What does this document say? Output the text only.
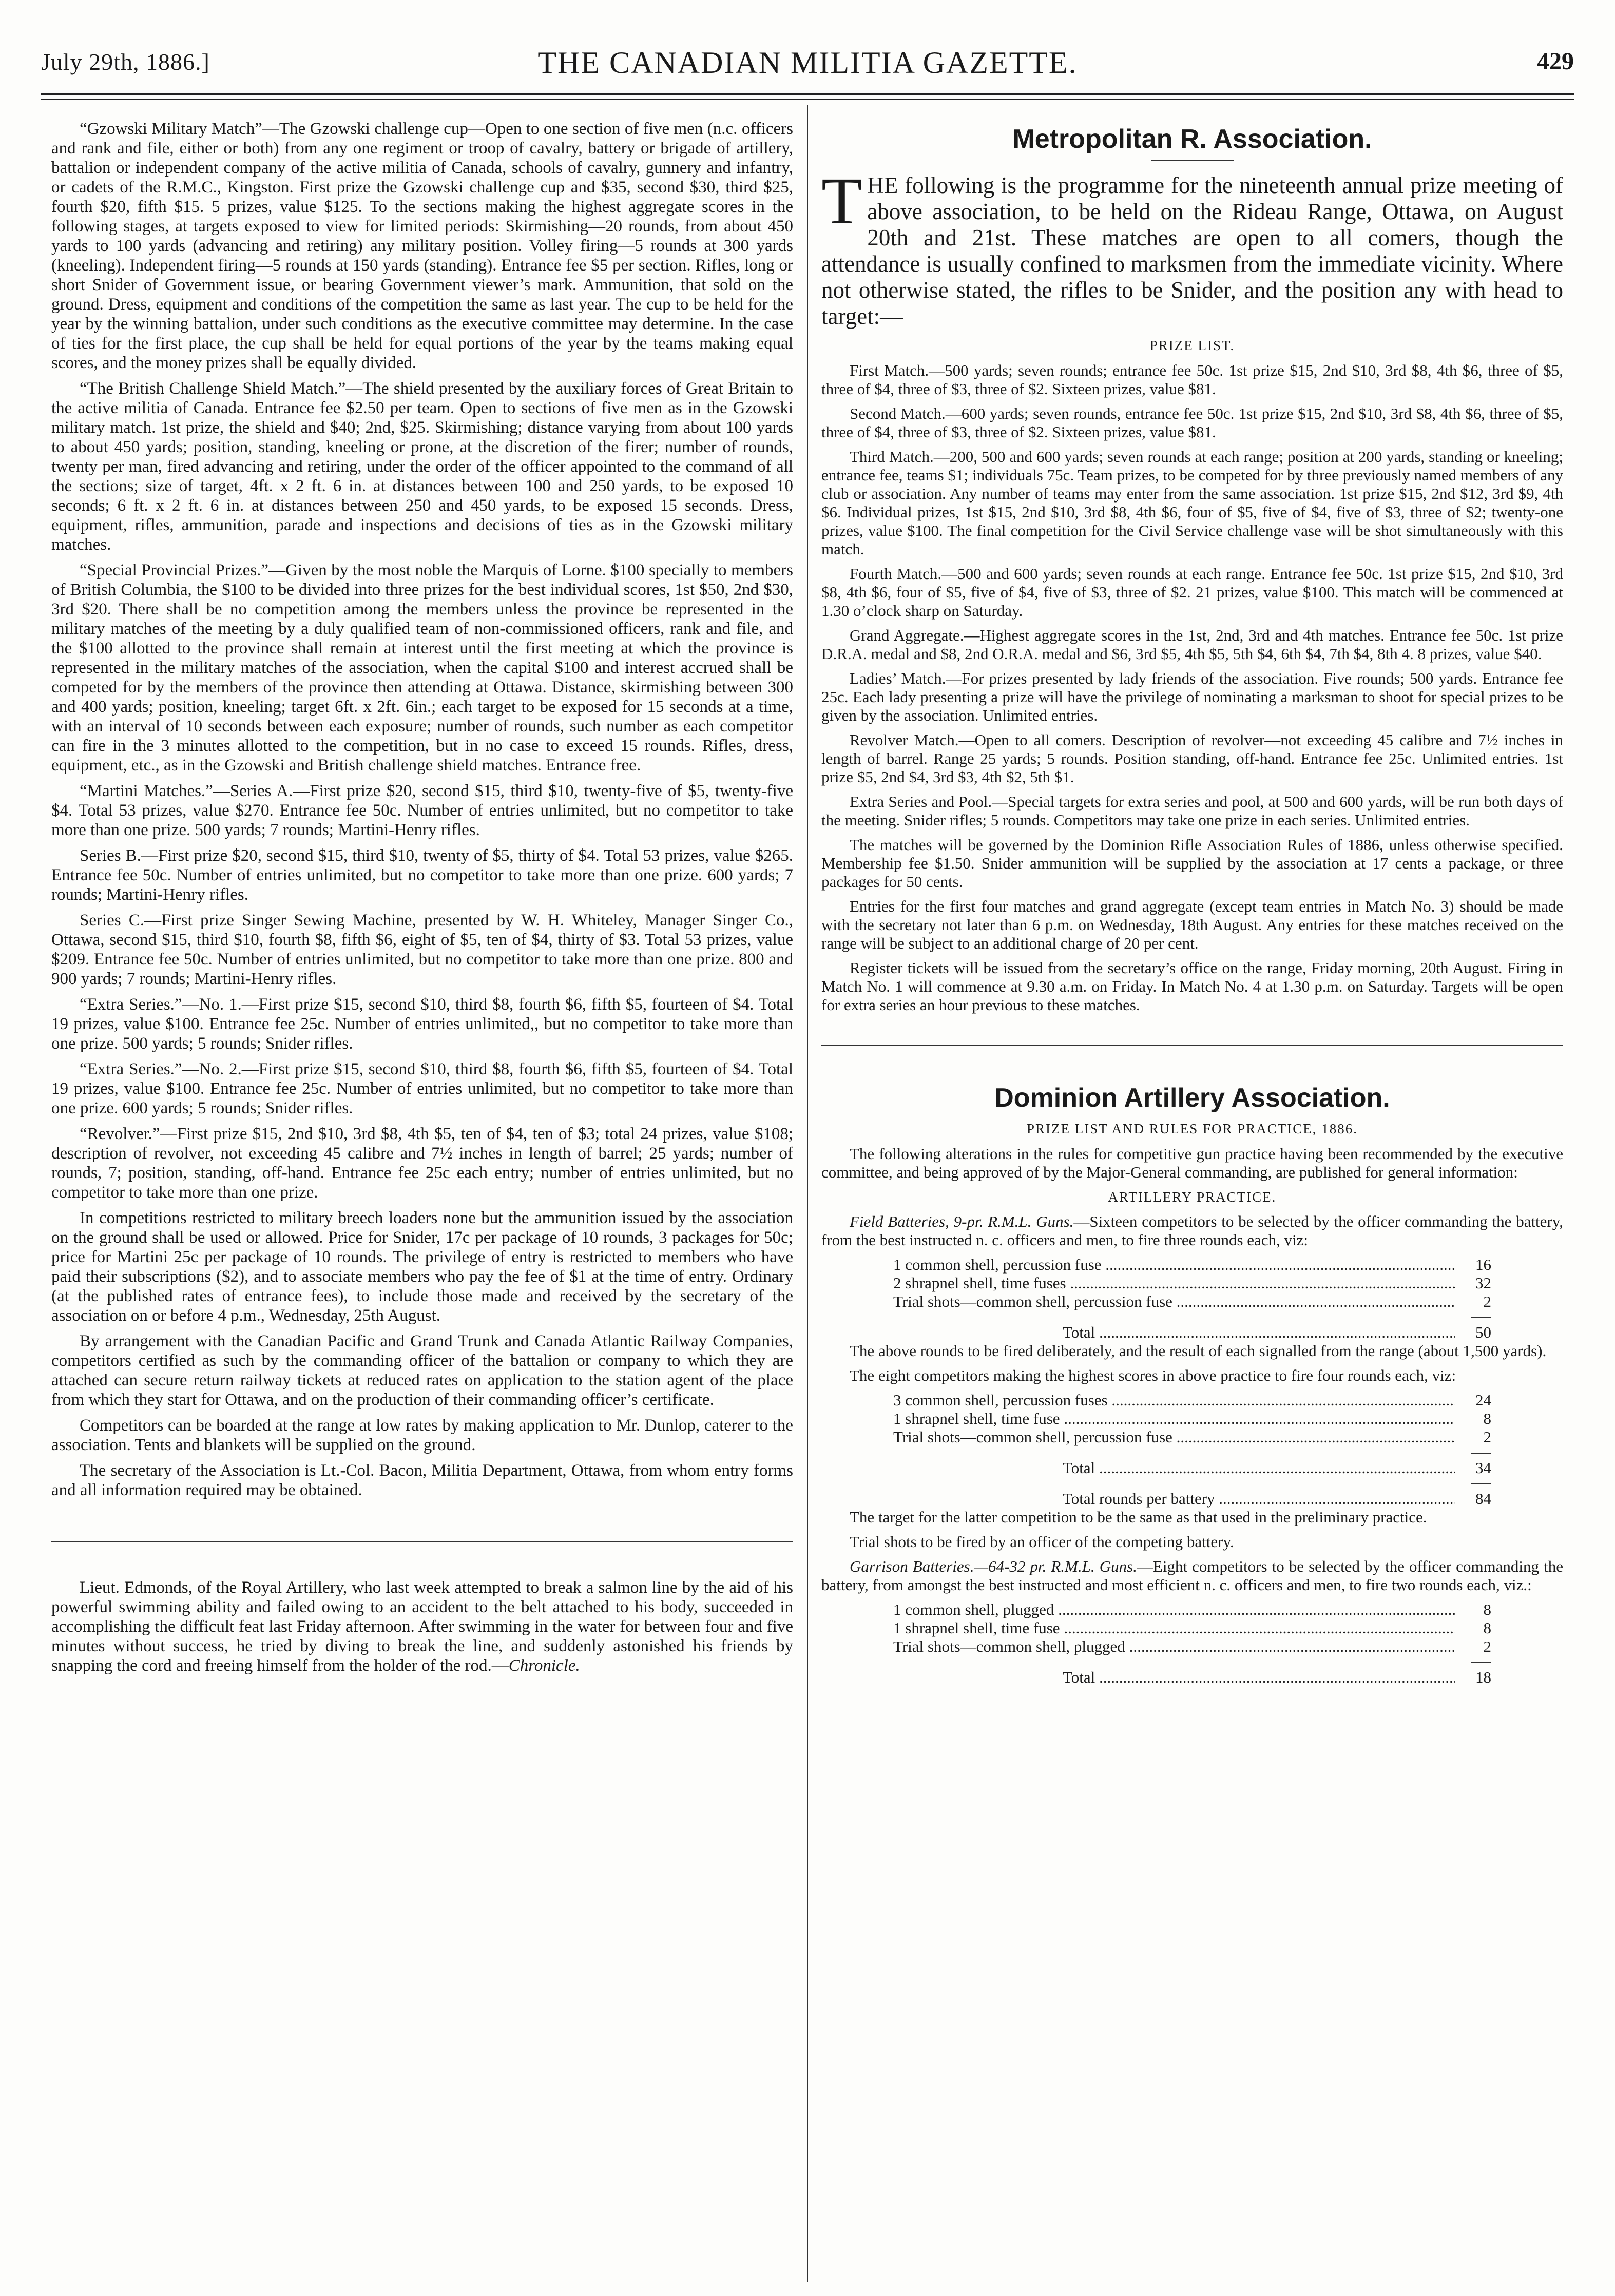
July 29th, 1886.]	THE CANADIAN MILITIA GAZETTE.	429

“Gzowski Military Match”—The Gzowski challenge cup—Open to one section of five men (n.c. officers and rank and file, either or both) from any one regiment or troop of cavalry, battery or brigade of artillery, battalion or independent company of the active militia of Canada, schools of cavalry, gunnery and infantry, or cadets of the R.M.C., Kingston. First prize the Gzowski challenge cup and $35, second $30, third $25, fourth $20, fifth $15. 5 prizes, value $125. To the sections making the highest aggregate scores in the following stages, at targets exposed to view for limited periods: Skirmishing—20 rounds, from about 450 yards to 100 yards (advancing and retiring) any military position. Volley firing—5 rounds at 300 yards (kneeling). Independent firing—5 rounds at 150 yards (standing). Entrance fee $5 per section. Rifles, long or short Snider of Government issue, or bearing Government viewer’s mark. Ammunition, that sold on the ground. Dress, equipment and conditions of the competition the same as last year. The cup to be held for the year by the winning battalion, under such conditions as the executive committee may determine. In the case of ties for the first place, the cup shall be held for equal portions of the year by the teams making equal scores, and the money prizes shall be equally divided.

“The British Challenge Shield Match.”—The shield presented by the auxiliary forces of Great Britain to the active militia of Canada. Entrance fee $2.50 per team. Open to sections of five men as in the Gzowski military match. 1st prize, the shield and $40; 2nd, $25. Skirmishing; distance varying from about 100 yards to about 450 yards; position, standing, kneeling or prone, at the discretion of the firer; number of rounds, twenty per man, fired advancing and retiring, under the order of the officer appointed to the command of all the sections; size of target, 4ft. x 2 ft. 6 in. at distances between 100 and 250 yards, to be exposed 10 seconds; 6 ft. x 2 ft. 6 in. at distances between 250 and 450 yards, to be exposed 15 seconds. Dress, equipment, rifles, ammunition, parade and inspections and decisions of ties as in the Gzowski military matches.

“Special Provincial Prizes.”—Given by the most noble the Marquis of Lorne. $100 specially to members of British Columbia, the $100 to be divided into three prizes for the best individual scores, 1st $50, 2nd $30, 3rd $20. There shall be no competition among the members unless the province be represented in the military matches of the meeting by a duly qualified team of non-commissioned officers, rank and file, and the $100 allotted to the province shall remain at interest until the first meeting at which the province is represented in the military matches of the association, when the capital $100 and interest accrued shall be competed for by the members of the province then attending at Ottawa. Distance, skirmishing between 300 and 400 yards; position, kneeling; target 6ft. x 2ft. 6in.; each target to be exposed for 15 seconds at a time, with an interval of 10 seconds between each exposure; number of rounds, such number as each competitor can fire in the 3 minutes allotted to the competition, but in no case to exceed 15 rounds. Rifles, dress, equipment, etc., as in the Gzowski and British challenge shield matches. Entrance free.

“Martini Matches.”—Series A.—First prize $20, second $15, third $10, twenty-five of $5, twenty-five $4. Total 53 prizes, value $270. Entrance fee 50c. Number of entries unlimited, but no competitor to take more than one prize. 500 yards; 7 rounds; Martini-Henry rifles.

Series B.—First prize $20, second $15, third $10, twenty of $5, thirty of $4. Total 53 prizes, value $265. Entrance fee 50c. Number of entries unlimited, but no competitor to take more than one prize. 600 yards; 7 rounds; Martini-Henry rifles.

Series C.—First prize Singer Sewing Machine, presented by W. H. Whiteley, Manager Singer Co., Ottawa, second $15, third $10, fourth $8, fifth $6, eight of $5, ten of $4, thirty of $3. Total 53 prizes, value $209. Entrance fee 50c. Number of entries unlimited, but no competitor to take more than one prize. 800 and 900 yards; 7 rounds; Martini-Henry rifles.

“Extra Series.”—No. 1.—First prize $15, second $10, third $8, fourth $6, fifth $5, fourteen of $4. Total 19 prizes, value $100. Entrance fee 25c. Number of entries unlimited,, but no competitor to take more than one prize. 500 yards; 5 rounds; Snider rifles.

“Extra Series.”—No. 2.—First prize $15, second $10, third $8, fourth $6, fifth $5, fourteen of $4. Total 19 prizes, value $100. Entrance fee 25c. Number of entries unlimited, but no competitor to take more than one prize. 600 yards; 5 rounds; Snider rifles.

“Revolver.”—First prize $15, 2nd $10, 3rd $8, 4th $5, ten of $4, ten of $3; total 24 prizes, value $108; description of revolver, not exceeding 45 calibre and 7½ inches in length of barrel; 25 yards; number of rounds, 7; position, standing, off-hand. Entrance fee 25c each entry; number of entries unlimited, but no competitor to take more than one prize.

In competitions restricted to military breech loaders none but the ammunition issued by the association on the ground shall be used or allowed. Price for Snider, 17c per package of 10 rounds, 3 packages for 50c; price for Martini 25c per package of 10 rounds. The privilege of entry is restricted to members who have paid their subscriptions ($2), and to associate members who pay the fee of $1 at the time of entry. Ordinary (at the published rates of entrance fees), to include those made and received by the secretary of the association on or before 4 p.m., Wednesday, 25th August.

By arrangement with the Canadian Pacific and Grand Trunk and Canada Atlantic Railway Companies, competitors certified as such by the commanding officer of the battalion or company to which they are attached can secure return railway tickets at reduced rates on application to the station agent of the place from which they start for Ottawa, and on the production of their commanding officer’s certificate.

Competitors can be boarded at the range at low rates by making application to Mr. Dunlop, caterer to the association. Tents and blankets will be supplied on the ground.

The secretary of the Association is Lt.-Col. Bacon, Militia Department, Ottawa, from whom entry forms and all information required may be obtained.

Lieut. Edmonds, of the Royal Artillery, who last week attempted to break a salmon line by the aid of his powerful swimming ability and failed owing to an accident to the belt attached to his body, succeeded in accomplishing the difficult feat last Friday afternoon. After swimming in the water for between four and five minutes without success, he tried by diving to break the line, and suddenly astonished his friends by snapping the cord and freeing himself from the holder of the rod.—Chronicle.

Metropolitan R. Association.

THE following is the programme for the nineteenth annual prize meeting of above association, to be held on the Rideau Range, Ottawa, on August 20th and 21st. These matches are open to all comers, though the attendance is usually confined to marksmen from the immediate vicinity. Where not otherwise stated, the rifles to be Snider, and the position any with head to target:—

PRIZE LIST.

First Match.—500 yards; seven rounds; entrance fee 50c. 1st prize $15, 2nd $10, 3rd $8, 4th $6, three of $5, three of $4, three of $3, three of $2. Sixteen prizes, value $81.

Second Match.—600 yards; seven rounds, entrance fee 50c. 1st prize $15, 2nd $10, 3rd $8, 4th $6, three of $5, three of $4, three of $3, three of $2. Sixteen prizes, value $81.

Third Match.—200, 500 and 600 yards; seven rounds at each range; position at 200 yards, standing or kneeling; entrance fee, teams $1; individuals 75c. Team prizes, to be competed for by three previously named members of any club or association. Any number of teams may enter from the same association. 1st prize $15, 2nd $12, 3rd $9, 4th $6. Individual prizes, 1st $15, 2nd $10, 3rd $8, 4th $6, four of $5, five of $4, five of $3, three of $2; twenty-one prizes, value $100. The final competition for the Civil Service challenge vase will be shot simultaneously with this match.

Fourth Match.—500 and 600 yards; seven rounds at each range. Entrance fee 50c. 1st prize $15, 2nd $10, 3rd $8, 4th $6, four of $5, five of $4, five of $3, three of $2. 21 prizes, value $100. This match will be commenced at 1.30 o’clock sharp on Saturday.

Grand Aggregate.—Highest aggregate scores in the 1st, 2nd, 3rd and 4th matches. Entrance fee 50c. 1st prize D.R.A. medal and $8, 2nd O.R.A. medal and $6, 3rd $5, 4th $5, 5th $4, 6th $4, 7th $4, 8th 4. 8 prizes, value $40.

Ladies’ Match.—For prizes presented by lady friends of the association. Five rounds; 500 yards. Entrance fee 25c. Each lady presenting a prize will have the privilege of nominating a marksman to shoot for special prizes to be given by the association. Unlimited entries.

Revolver Match.—Open to all comers. Description of revolver—not exceeding 45 calibre and 7½ inches in length of barrel. Range 25 yards; 5 rounds. Position standing, off-hand. Entrance fee 25c. Unlimited entries. 1st prize $5, 2nd $4, 3rd $3, 4th $2, 5th $1.

Extra Series and Pool.—Special targets for extra series and pool, at 500 and 600 yards, will be run both days of the meeting. Snider rifles; 5 rounds. Competitors may take one prize in each series. Unlimited entries.

The matches will be governed by the Dominion Rifle Association Rules of 1886, unless otherwise specified. Membership fee $1.50. Snider ammunition will be supplied by the association at 17 cents a package, or three packages for 50 cents.

Entries for the first four matches and grand aggregate (except team entries in Match No. 3) should be made with the secretary not later than 6 p.m. on Wednesday, 18th August. Any entries for these matches received on the range will be subject to an additional charge of 20 per cent.

Register tickets will be issued from the secretary’s office on the range, Friday morning, 20th August. Firing in Match No. 1 will commence at 9.30 a.m. on Friday. In Match No. 4 at 1.30 p.m. on Saturday. Targets will be open for extra series an hour previous to these matches.

Dominion Artillery Association.
PRIZE LIST AND RULES FOR PRACTICE, 1886.

The following alterations in the rules for competitive gun practice having been recommended by the executive committee, and being approved of by the Major-General commanding, are published for general information:

ARTILLERY PRACTICE.

Field Batteries, 9-pr. R.M.L. Guns.—Sixteen competitors to be selected by the officer commanding the battery, from the best instructed n. c. officers and men, to fire three rounds each, viz:

1 common shell, percussion fuse .....	16
2 shrapnel shell, time fuses .....	32
Trial shots—common shell, percussion fuse .....	2
Total .....	50

The above rounds to be fired deliberately, and the result of each signalled from the range (about 1,500 yards).

The eight competitors making the highest scores in above practice to fire four rounds each, viz:

3 common shell, percussion fuses .....	24
1 shrapnel shell, time fuse .....	8
Trial shots—common shell, percussion fuse .....	2
Total .....	34
Total rounds per battery .....	84

The target for the latter competition to be the same as that used in the preliminary practice.

Trial shots to be fired by an officer of the competing battery.

Garrison Batteries.—64-32 pr. R.M.L. Guns.—Eight competitors to be selected by the officer commanding the battery, from amongst the best instructed and most efficient n. c. officers and men, to fire two rounds each, viz.:

1 common shell, plugged .....	8
1 shrapnel shell, time fuse .....	8
Trial shots—common shell, plugged .....	2
Total .....	18
